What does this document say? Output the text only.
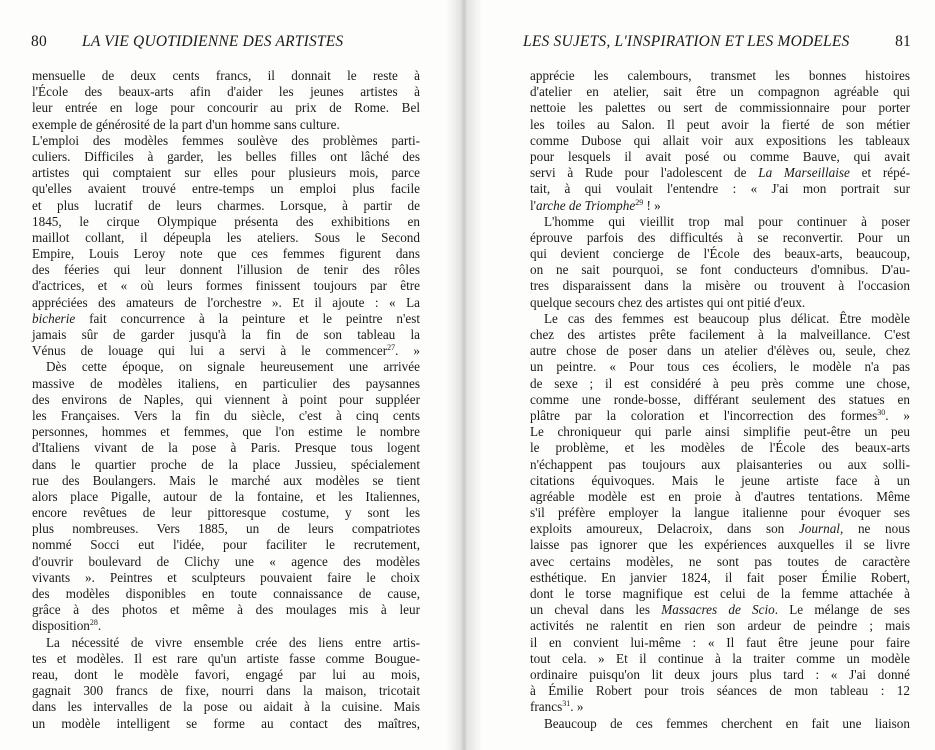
80 LA VIE QUOTIDIENNE DES ARTISTES
mensuelle de deux cents francs, il donnait le reste à
l'École des beaux-arts afin d'aider les jeunes artistes à
leur entrée en loge pour concourir au prix de Rome. Bel
exemple de générosité de la part d'un homme sans culture.
L'emploi des modèles femmes soulève des problèmes parti-
culiers. Difficiles à garder, les belles filles ont lâché des
artistes qui comptaient sur elles pour plusieurs mois, parce
qu'elles avaient trouvé entre-temps un emploi plus facile
et plus lucratif de leurs charmes. Lorsque, à partir de
1845, le cirque Olympique présenta des exhibitions en
maillot collant, il dépeupla les ateliers. Sous le Second
Empire, Louis Leroy note que ces femmes figurent dans
des féeries qui leur donnent l'illusion de tenir des rôles
d'actrices, et « où leurs formes finissent toujours par être
appréciées des amateurs de l'orchestre ». Et il ajoute : « La
bicherie fait concurrence à la peinture et le peintre n'est
jamais sûr de garder jusqu'à la fin de son tableau la
Vénus de louage qui lui a servi à le commencer$^{27}$. »
Dès cette époque, on signale heureusement une arrivée
massive de modèles italiens, en particulier des paysannes
des environs de Naples, qui viennent à point pour suppléer
les Françaises. Vers la fin du siècle, c'est à cinq cents
personnes, hommes et femmes, que l'on estime le nombre
d'Italiens vivant de la pose à Paris. Presque tous logent
dans le quartier proche de la place Jussieu, spécialement
rue des Boulangers. Mais le marché aux modèles se tient
alors place Pigalle, autour de la fontaine, et les Italiennes,
encore revêtues de leur pittoresque costume, y sont les
plus nombreuses. Vers 1885, un de leurs compatriotes
nommé Socci eut l'idée, pour faciliter le recrutement,
d'ouvrir boulevard de Clichy une « agence des modèles
vivants ». Peintres et sculpteurs pouvaient faire le choix
des modèles disponibles en toute connaissance de cause,
grâce à des photos et même à des moulages mis à leur
disposition$^{28}$.
La nécessité de vivre ensemble crée des liens entre artis-
tes et modèles. Il est rare qu'un artiste fasse comme Bougue-
reau, dont le modèle favori, engagé par lui au mois,
gagnait 300 francs de fixe, nourri dans la maison, tricotait
dans les intervalles de la pose ou aidait à la cuisine. Mais
un modèle intelligent se forme au contact des maîtres,
LES SUJETS, L'INSPIRATION ET LES MODELES	81
apprécie les calembours, transmet les bonnes histoires
d'atelier en atelier, sait être un compagnon agréable qui
nettoie les palettes ou sert de commissionnaire pour porter
les toiles au Salon. Il peut avoir la fierté de son métier
comme Dubose qui allait voir aux expositions les tableaux
pour lesquels il avait posé ou comme Bauve, qui avait
servi à Rude pour l'adolescent de La Marseillaise et répé-
tait, à qui voulait l'entendre : « J'ai mon portrait sur
l'arche de Triomphe$^{29}$ ! »
L'homme qui vieillit trop mal pour continuer à poser
éprouve parfois des difficultés à se reconvertir. Pour un
qui devient concierge de l'École des beaux-arts, beaucoup,
on ne sait pourquoi, se font conducteurs d'omnibus. D'au-
tres disparaissent dans la misère ou trouvent à l'occasion
quelque secours chez des artistes qui ont pitié d'eux.
Le cas des femmes est beaucoup plus délicat. Être modèle
chez des artistes prête facilement à la malveillance. C'est
autre chose de poser dans un atelier d'élèves ou, seule, chez
un peintre. « Pour tous ces écoliers, le modèle n'a pas
de sexe ; il est considéré à peu près comme une chose,
comme une ronde-bosse, différant seulement des statues en
plâtre par la coloration et l'incorrection des formes$^{30}$. »
Le chroniqueur qui parle ainsi simplifie peut-être un peu
le problème, et les modèles de l'École des beaux-arts
n'échappent pas toujours aux plaisanteries ou aux solli-
citations équivoques. Mais le jeune artiste face à un
agréable modèle est en proie à d'autres tentations. Même
s'il préfère employer la langue italienne pour évoquer ses
exploits amoureux, Delacroix, dans son Journal, ne nous
laisse pas ignorer que les expériences auxquelles il se livre
avec certains modèles, ne sont pas toutes de caractère
esthétique. En janvier 1824, il fait poser Émilie Robert,
dont le torse magnifique est celui de la femme attachée à
un cheval dans les Massacres de Scio. Le mélange de ses
activités ne ralentit en rien son ardeur de peindre ; mais
il en convient lui-même : « Il faut être jeune pour faire
tout cela. » Et il continue à la traiter comme un modèle
ordinaire puisqu'on lit deux jours plus tard : « J'ai donné
à Émilie Robert pour trois séances de mon tableau : 12
francs$^{31}$. »
Beaucoup de ces femmes cherchent en fait une liaison
